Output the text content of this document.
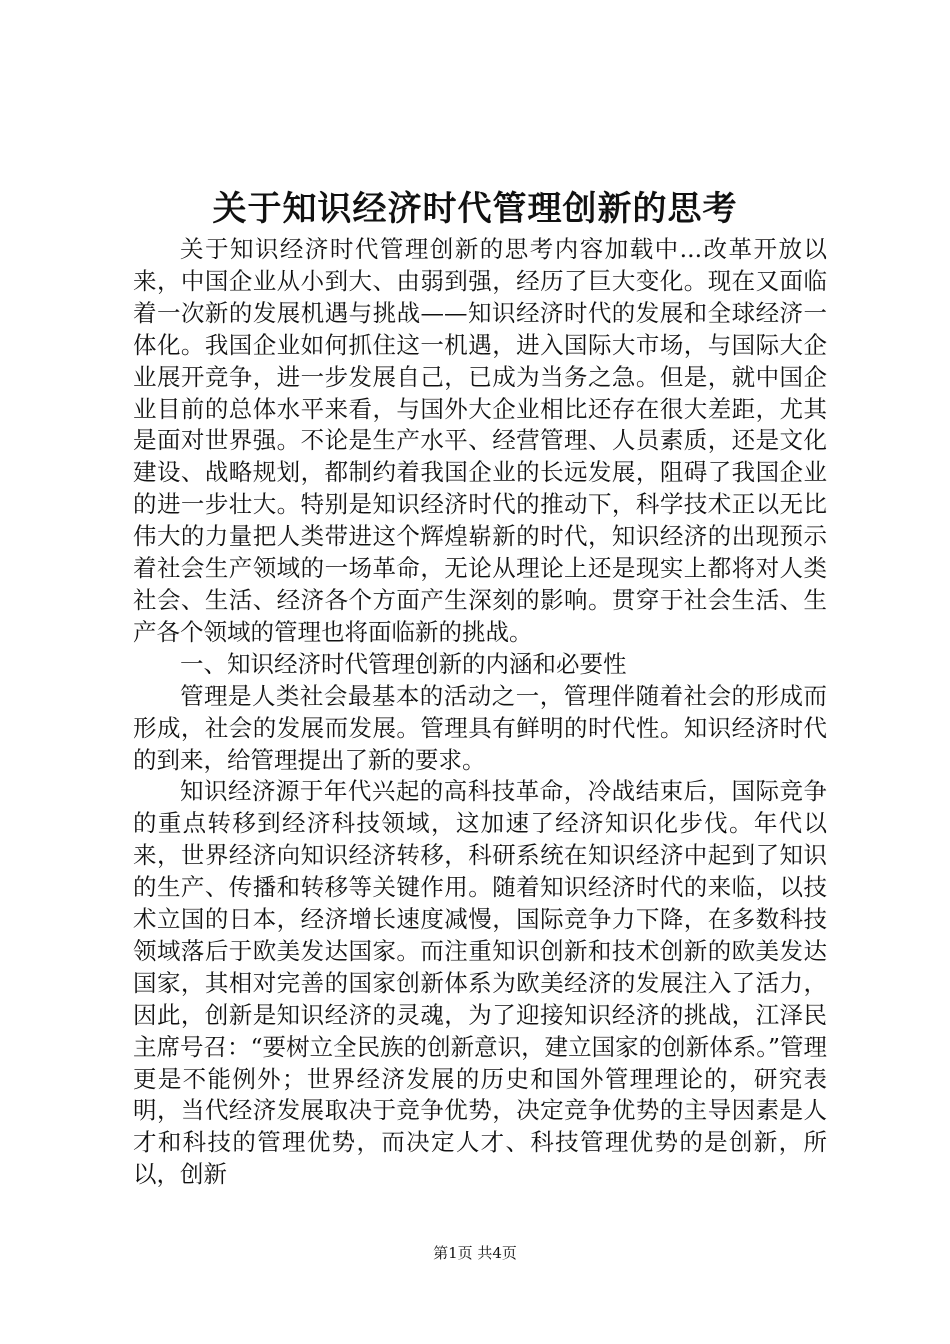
关于知识经济时代管理创新的思考

关于知识经济时代管理创新的思考内容加载中...改革开放以来，中国企业从小到大、由弱到强，经历了巨大变化。现在又面临着一次新的发展机遇与挑战——知识经济时代的发展和全球经济一体化。我国企业如何抓住这一机遇，进入国际大市场，与国际大企业展开竞争，进一步发展自己，已成为当务之急。但是，就中国企业目前的总体水平来看，与国外大企业相比还存在很大差距，尤其是面对世界强。不论是生产水平、经营管理、人员素质，还是文化建设、战略规划，都制约着我国企业的长远发展，阻碍了我国企业的进一步壮大。特别是知识经济时代的推动下，科学技术正以无比伟大的力量把人类带进这个辉煌崭新的时代，知识经济的出现预示着社会生产领域的一场革命，无论从理论上还是现实上都将对人类社会、生活、经济各个方面产生深刻的影响。贯穿于社会生活、生产各个领域的管理也将面临新的挑战。

一、知识经济时代管理创新的内涵和必要性

管理是人类社会最基本的活动之一，管理伴随着社会的形成而形成，社会的发展而发展。管理具有鲜明的时代性。知识经济时代的到来，给管理提出了新的要求。

知识经济源于年代兴起的高科技革命，冷战结束后，国际竞争的重点转移到经济科技领域，这加速了经济知识化步伐。年代以来，世界经济向知识经济转移，科研系统在知识经济中起到了知识的生产、传播和转移等关键作用。随着知识经济时代的来临，以技术立国的日本，经济增长速度减慢，国际竞争力下降，在多数科技领域落后于欧美发达国家。而注重知识创新和技术创新的欧美发达国家，其相对完善的国家创新体系为欧美经济的发展注入了活力，因此，创新是知识经济的灵魂，为了迎接知识经济的挑战，江泽民主席号召：“要树立全民族的创新意识，建立国家的创新体系。”管理更是不能例外；世界经济发展的历史和国外管理理论的，研究表明，当代经济发展取决于竞争优势，决定竞争优势的主导因素是人才和科技的管理优势，而决定人才、科技管理优势的是创新，所以，创新

第1页 共4页
